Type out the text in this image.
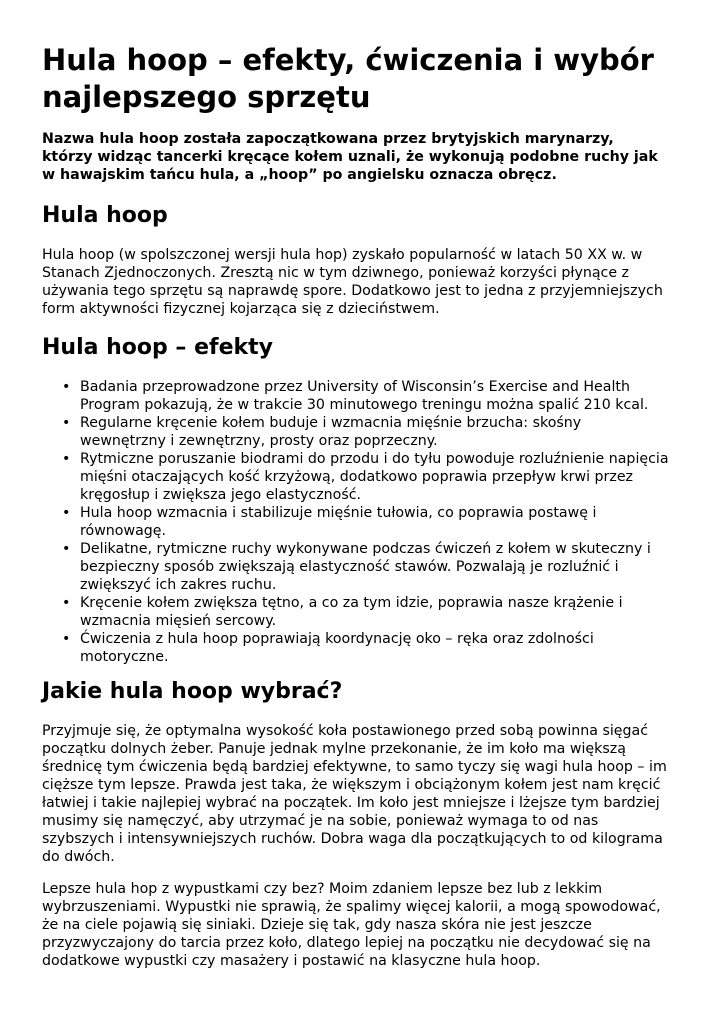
Hula hoop – efekty, ćwiczenia i wybór
najlepszego sprzętu

Nazwa hula hoop została zapoczątkowana przez brytyjskich marynarzy,
którzy widząc tancerki kręcące kołem uznali, że wykonują podobne ruchy jak
w hawajskim tańcu hula, a „hoop” po angielsku oznacza obręcz.

Hula hoop

Hula hoop (w spolszczonej wersji hula hop) zyskało popularność w latach 50 XX w. w
Stanach Zjednoczonych. Zresztą nic w tym dziwnego, ponieważ korzyści płynące z
używania tego sprzętu są naprawdę spore. Dodatkowo jest to jedna z przyjemniejszych
form aktywności fizycznej kojarząca się z dzieciństwem.

Hula hoop – efekty
• Badania przeprowadzone przez University of Wisconsin’s Exercise and Health
Program pokazują, że w trakcie 30 minutowego treningu można spalić 210 kcal.
• Regularne kręcenie kołem buduje i wzmacnia mięśnie brzucha: skośny
wewnętrzny i zewnętrzny, prosty oraz poprzeczny.
• Rytmiczne poruszanie biodrami do przodu i do tyłu powoduje rozluźnienie napięcia
mięśni otaczających kość krzyżową, dodatkowo poprawia przepływ krwi przez
kręgosłup i zwiększa jego elastyczność.
• Hula hoop wzmacnia i stabilizuje mięśnie tułowia, co poprawia postawę i
równowagę.
• Delikatne, rytmiczne ruchy wykonywane podczas ćwiczeń z kołem w skuteczny i
bezpieczny sposób zwiększają elastyczność stawów. Pozwalają je rozluźnić i
zwiększyć ich zakres ruchu.
• Kręcenie kołem zwiększa tętno, a co za tym idzie, poprawia nasze krążenie i
wzmacnia mięsień sercowy.
• Ćwiczenia z hula hoop poprawiają koordynację oko – ręka oraz zdolności
motoryczne.
Jakie hula hoop wybrać?

Przyjmuje się, że optymalna wysokość koła postawionego przed sobą powinna sięgać
początku dolnych żeber. Panuje jednak mylne przekonanie, że im koło ma większą
średnicę tym ćwiczenia będą bardziej efektywne, to samo tyczy się wagi hula hoop – im
cięższe tym lepsze. Prawda jest taka, że większym i obciążonym kołem jest nam kręcić
łatwiej i takie najlepiej wybrać na początek. Im koło jest mniejsze i lżejsze tym bardziej
musimy się namęczyć, aby utrzymać je na sobie, ponieważ wymaga to od nas
szybszych i intensywniejszych ruchów. Dobra waga dla początkujących to od kilograma
do dwóch.

Lepsze hula hop z wypustkami czy bez? Moim zdaniem lepsze bez lub z lekkim
wybrzuszeniami. Wypustki nie sprawią, że spalimy więcej kalorii, a mogą spowodować,
że na ciele pojawią się siniaki. Dzieje się tak, gdy nasza skóra nie jest jeszcze
przyzwyczajony do tarcia przez koło, dlatego lepiej na początku nie decydować się na
dodatkowe wypustki czy masażery i postawić na klasyczne hula hoop.
